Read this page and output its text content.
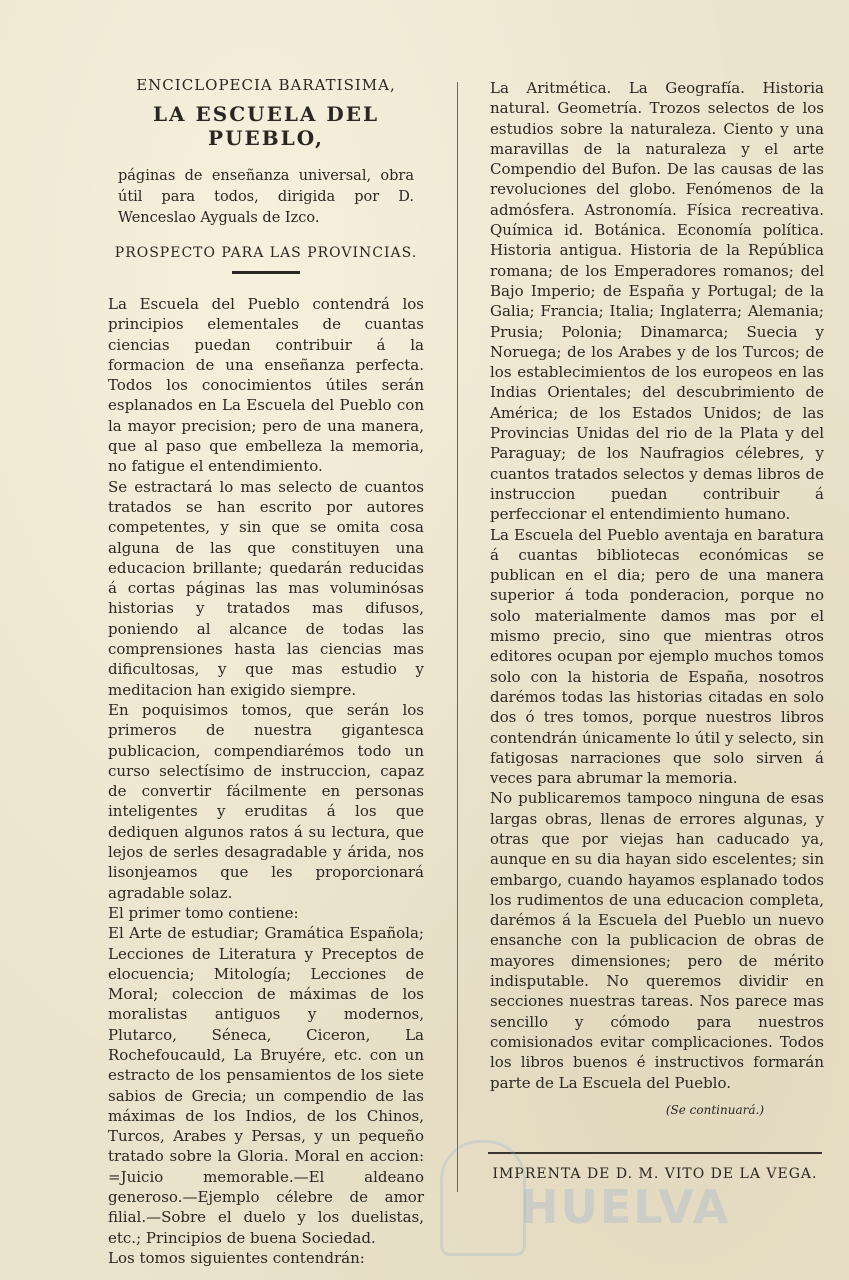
ENCICLOPECIA BARATISIMA,
LA ESCUELA DEL PUEBLO,
páginas de enseñanza universal, obra útil para todos, dirigida por D. Wenceslao Ayguals de Izco.
PROSPECTO PARA LAS PROVINCIAS.

La Escuela del Pueblo contendrá los principios elementales de cuantas ciencias puedan contribuir á la formacion de una enseñanza perfecta. Todos los conocimientos útiles serán esplanados en La Escuela del Pueblo con la mayor precision; pero de una manera, que al paso que embelleza la memoria, no fatigue el entendimiento.

Se estractará lo mas selecto de cuantos tratados se han escrito por autores competentes, y sin que se omita cosa alguna de las que constituyen una educacion brillante; quedarán reducidas á cortas páginas las mas voluminósas historias y tratados mas difusos, poniendo al alcance de todas las comprensiones hasta las ciencias mas dificultosas, y que mas estudio y meditacion han exigido siempre.

En poquisimos tomos, que serán los primeros de nuestra gigantesca publicacion, compendiarémos todo un curso selectísimo de instruccion, capaz de convertir fácilmente en personas inteligentes y eruditas á los que dediquen algunos ratos á su lectura, que lejos de serles desagradable y árida, nos lisonjeamos que les proporcionará agradable solaz.

El primer tomo contiene:

El Arte de estudiar; Gramática Española; Lecciones de Literatura y Preceptos de elocuencia; Mitología; Lecciones de Moral; coleccion de máximas de los moralistas antiguos y modernos, Plutarco, Séneca, Ciceron, La Rochefoucauld, La Bruyére, etc. con un estracto de los pensamientos de los siete sabios de Grecia; un compendio de las máximas de los Indios, de los Chinos, Turcos, Arabes y Persas, y un pequeño tratado sobre la Gloria. Moral en accion: =Juicio memorable.—El aldeano generoso.—Ejemplo célebre de amor filial.—Sobre el duelo y los duelistas, etc.; Principios de buena Sociedad.

Los tomos siguientes contendrán:

La Aritmética. La Geografía. Historia natural. Geometría. Trozos selectos de los estudios sobre la naturaleza. Ciento y una maravillas de la naturaleza y el arte Compendio del Bufon. De las causas de las revoluciones del globo. Fenómenos de la admósfera. Astronomía. Física recreativa. Química id. Botánica. Economía política. Historia antigua. Historia de la República romana; de los Emperadores romanos; del Bajo Imperio; de España y Portugal; de la Galia; Francia; Italia; Inglaterra; Alemania; Prusia; Polonia; Dinamarca; Suecia y Noruega; de los Arabes y de los Turcos; de los establecimientos de los europeos en las Indias Orientales; del descubrimiento de América; de los Estados Unidos; de las Provincias Unidas del rio de la Plata y del Paraguay; de los Naufragios célebres, y cuantos tratados selectos y demas libros de instruccion puedan contribuir á perfeccionar el entendimiento humano.

La Escuela del Pueblo aventaja en baratura á cuantas bibliotecas económicas se publican en el dia; pero de una manera superior á toda ponderacion, porque no solo materialmente damos mas por el mismo precio, sino que mientras otros editores ocupan por ejemplo muchos tomos solo con la historia de España, nosotros darémos todas las historias citadas en solo dos ó tres tomos, porque nuestros libros contendrán únicamente lo útil y selecto, sin fatigosas narraciones que solo sirven á veces para abrumar la memoria.

No publicaremos tampoco ninguna de esas largas obras, llenas de errores algunas, y otras que por viejas han caducado ya, aunque en su dia hayan sido escelentes; sin embargo, cuando hayamos esplanado todos los rudimentos de una educacion completa, darémos á la Escuela del Pueblo un nuevo ensanche con la publicacion de obras de mayores dimensiones; pero de mérito indisputable. No queremos dividir en secciones nuestras tareas. Nos parece mas sencillo y cómodo para nuestros comisionados evitar complicaciones. Todos los libros buenos é instructivos formarán parte de La Escuela del Pueblo.

(Se continuará.)
IMPRENTA DE D. M. VITO DE LA VEGA.
HUELVA
